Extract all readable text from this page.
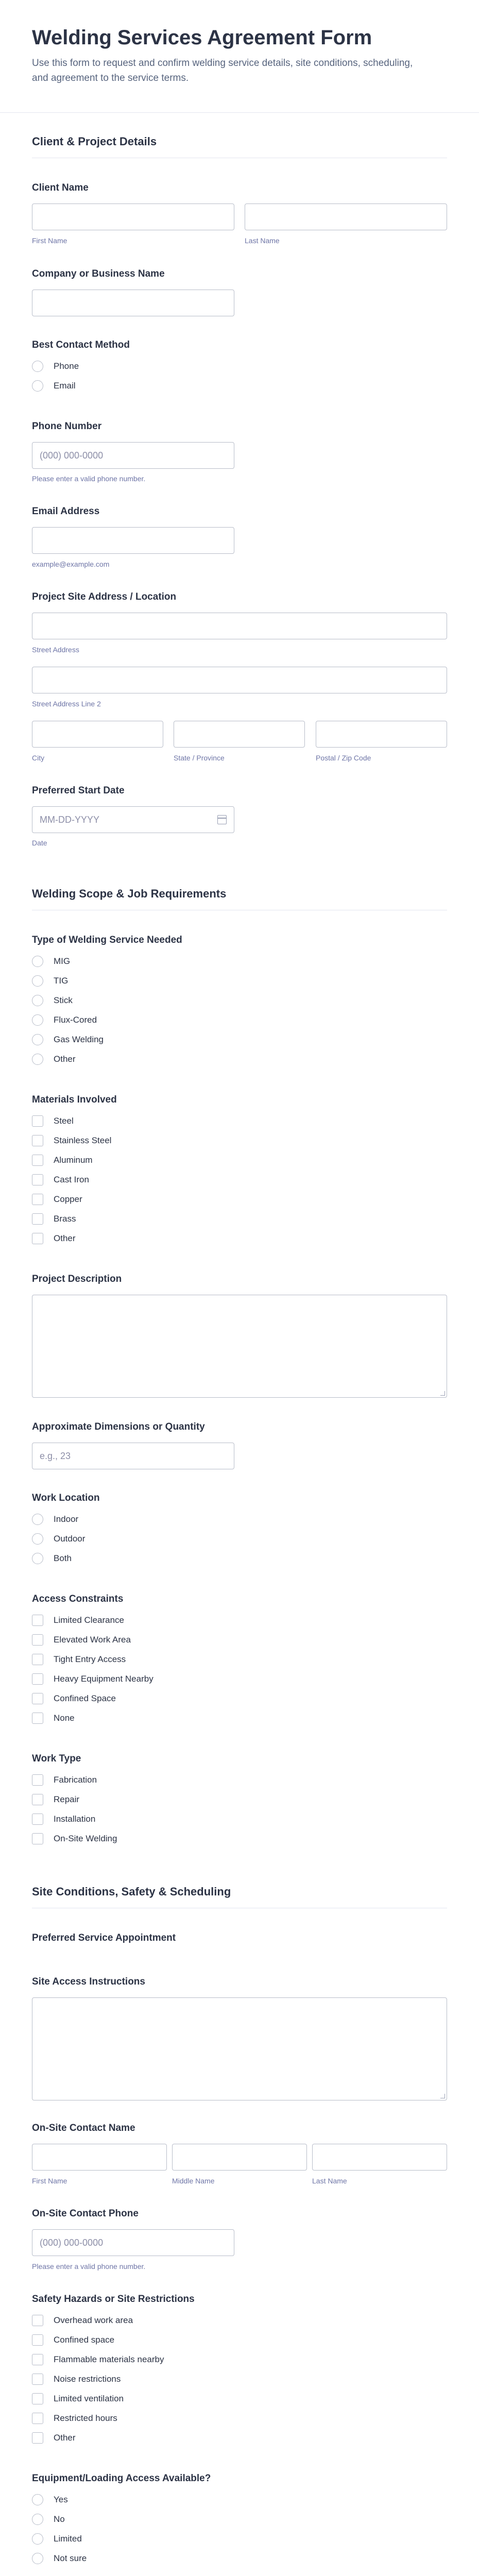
Welding Services Agreement Form

Use this form to request and confirm welding service details, site conditions, scheduling, and agreement to the service terms.

Client & Project Details
Client Name
First Name	Last Name
Company or Business Name
Best Contact Method
Phone
Email
Phone Number
(000) 000-0000
Please enter a valid phone number.
Email Address
example@example.com
Project Site Address / Location
Street Address
Street Address Line 2
City	State / Province	Postal / Zip Code
Preferred Start Date
MM-DD-YYYY
Date
Welding Scope & Job Requirements
Type of Welding Service Needed
MIG
TIG
Stick
Flux-Cored
Gas Welding
Other
Materials Involved
Steel
Stainless Steel
Aluminum
Cast Iron
Copper
Brass
Other
Project Description
Approximate Dimensions or Quantity
e.g., 23
Work Location
Indoor
Outdoor
Both
Access Constraints
Limited Clearance
Elevated Work Area
Tight Entry Access
Heavy Equipment Nearby
Confined Space
None
Work Type
Fabrication
Repair
Installation
On-Site Welding
Site Conditions, Safety & Scheduling
Preferred Service Appointment
Site Access Instructions
On-Site Contact Name
First Name	Middle Name	Last Name
On-Site Contact Phone
(000) 000-0000
Please enter a valid phone number.
Safety Hazards or Site Restrictions
Overhead work area
Confined space
Flammable materials nearby
Noise restrictions
Limited ventilation
Restricted hours
Other
Equipment/Loading Access Available?
Yes
No
Limited
Not sure
